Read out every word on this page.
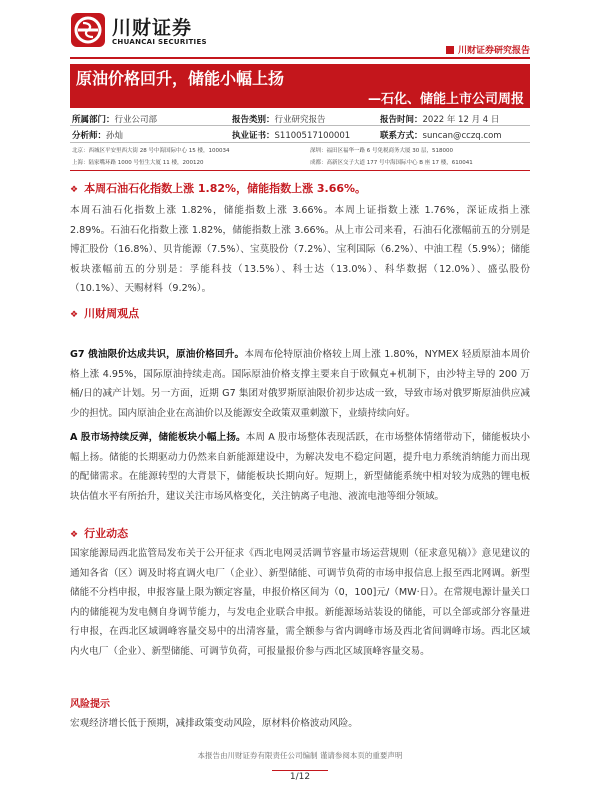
川财证券
CHUANCAI SECURITIES
川财证券研究报告
原油价格回升，储能小幅上扬
—石化、储能上市公司周报
所属部门：行业公司部	报告类别：行业研究报告	报告时间：2022 年 12 月 4 日
分析师：孙灿	执业证书：S1100517100001	联系方式：suncan@cczq.com
北京：西城区平安里西大街 28 号中海国际中心 15 楼，100034	深圳：福田区福华一路 6 号免税商务大厦 30 层，518000
上海：陆家嘴环路 1000 号恒生大厦 11 楼，200120	成都：高新区交子大道 177 号中海国际中心 B 座 17 楼，610041
❖ 本周石油石化指数上涨 1.82%，储能指数上涨 3.66%。
本周石油石化指数上涨 1.82%，储能指数上涨 3.66%。本周上证指数上涨 1.76%，深证成指上涨 2.89%。石油石化指数上涨 1.82%，储能指数上涨 3.66%。从上市公司来看，石油石化涨幅前五的分别是博汇股份（16.8%）、贝肯能源（7.5%）、宝莫股份（7.2%）、宝利国际（6.2%）、中油工程（5.9%）；储能板块涨幅前五的分别是：孚能科技（13.5%）、科士达（13.0%）、科华数据（12.0%）、盛弘股份（10.1%）、天赐材料（9.2%）。
❖ 川财周观点
G7 俄油限价达成共识，原油价格回升。本周布伦特原油价格较上周上涨 1.80%，NYMEX 轻质原油本周价格上涨 4.95%，国际原油持续走高。国际原油价格支撑主要来自于欧佩克+机制下，由沙特主导的 200 万桶/日的减产计划。另一方面，近期 G7 集团对俄罗斯原油限价初步达成一致，导致市场对俄罗斯原油供应减少的担忧。国内原油企业在高油价以及能源安全政策双重刺激下，业绩持续向好。
A 股市场持续反弹，储能板块小幅上扬。本周 A 股市场整体表现活跃，在市场整体情绪带动下，储能板块小幅上扬。储能的长期驱动力仍然来自新能源建设中，为解决发电不稳定问题，提升电力系统消纳能力而出现的配储需求。在能源转型的大背景下，储能板块长期向好。短期上，新型储能系统中相对较为成熟的锂电板块估值水平有所抬升，建议关注市场风格变化，关注钠离子电池、液流电池等细分领域。
❖ 行业动态
国家能源局西北监管局发布关于公开征求《西北电网灵活调节容量市场运营规则（征求意见稿）》意见建议的通知各省（区）调及时将直调火电厂（企业）、新型储能、可调节负荷的市场申报信息上报至西北网调。新型储能不分档申报，申报容量上限为额定容量，申报价格区间为（0，100]元/（MW·日）。在常规电源计量关口内的储能视为发电侧自身调节能力，与发电企业联合申报。新能源场站装设的储能，可以全部或部分容量进行申报，在西北区域调峰容量交易中的出清容量，需全额参与省内调峰市场及西北省间调峰市场。西北区域内火电厂（企业）、新型储能、可调节负荷，可报量报价参与西北区域顶峰容量交易。
风险提示
宏观经济增长低于预期，减排政策变动风险，原材料价格波动风险。
本报告由川财证券有限责任公司编制 谨请参阅本页的重要声明
1/12
